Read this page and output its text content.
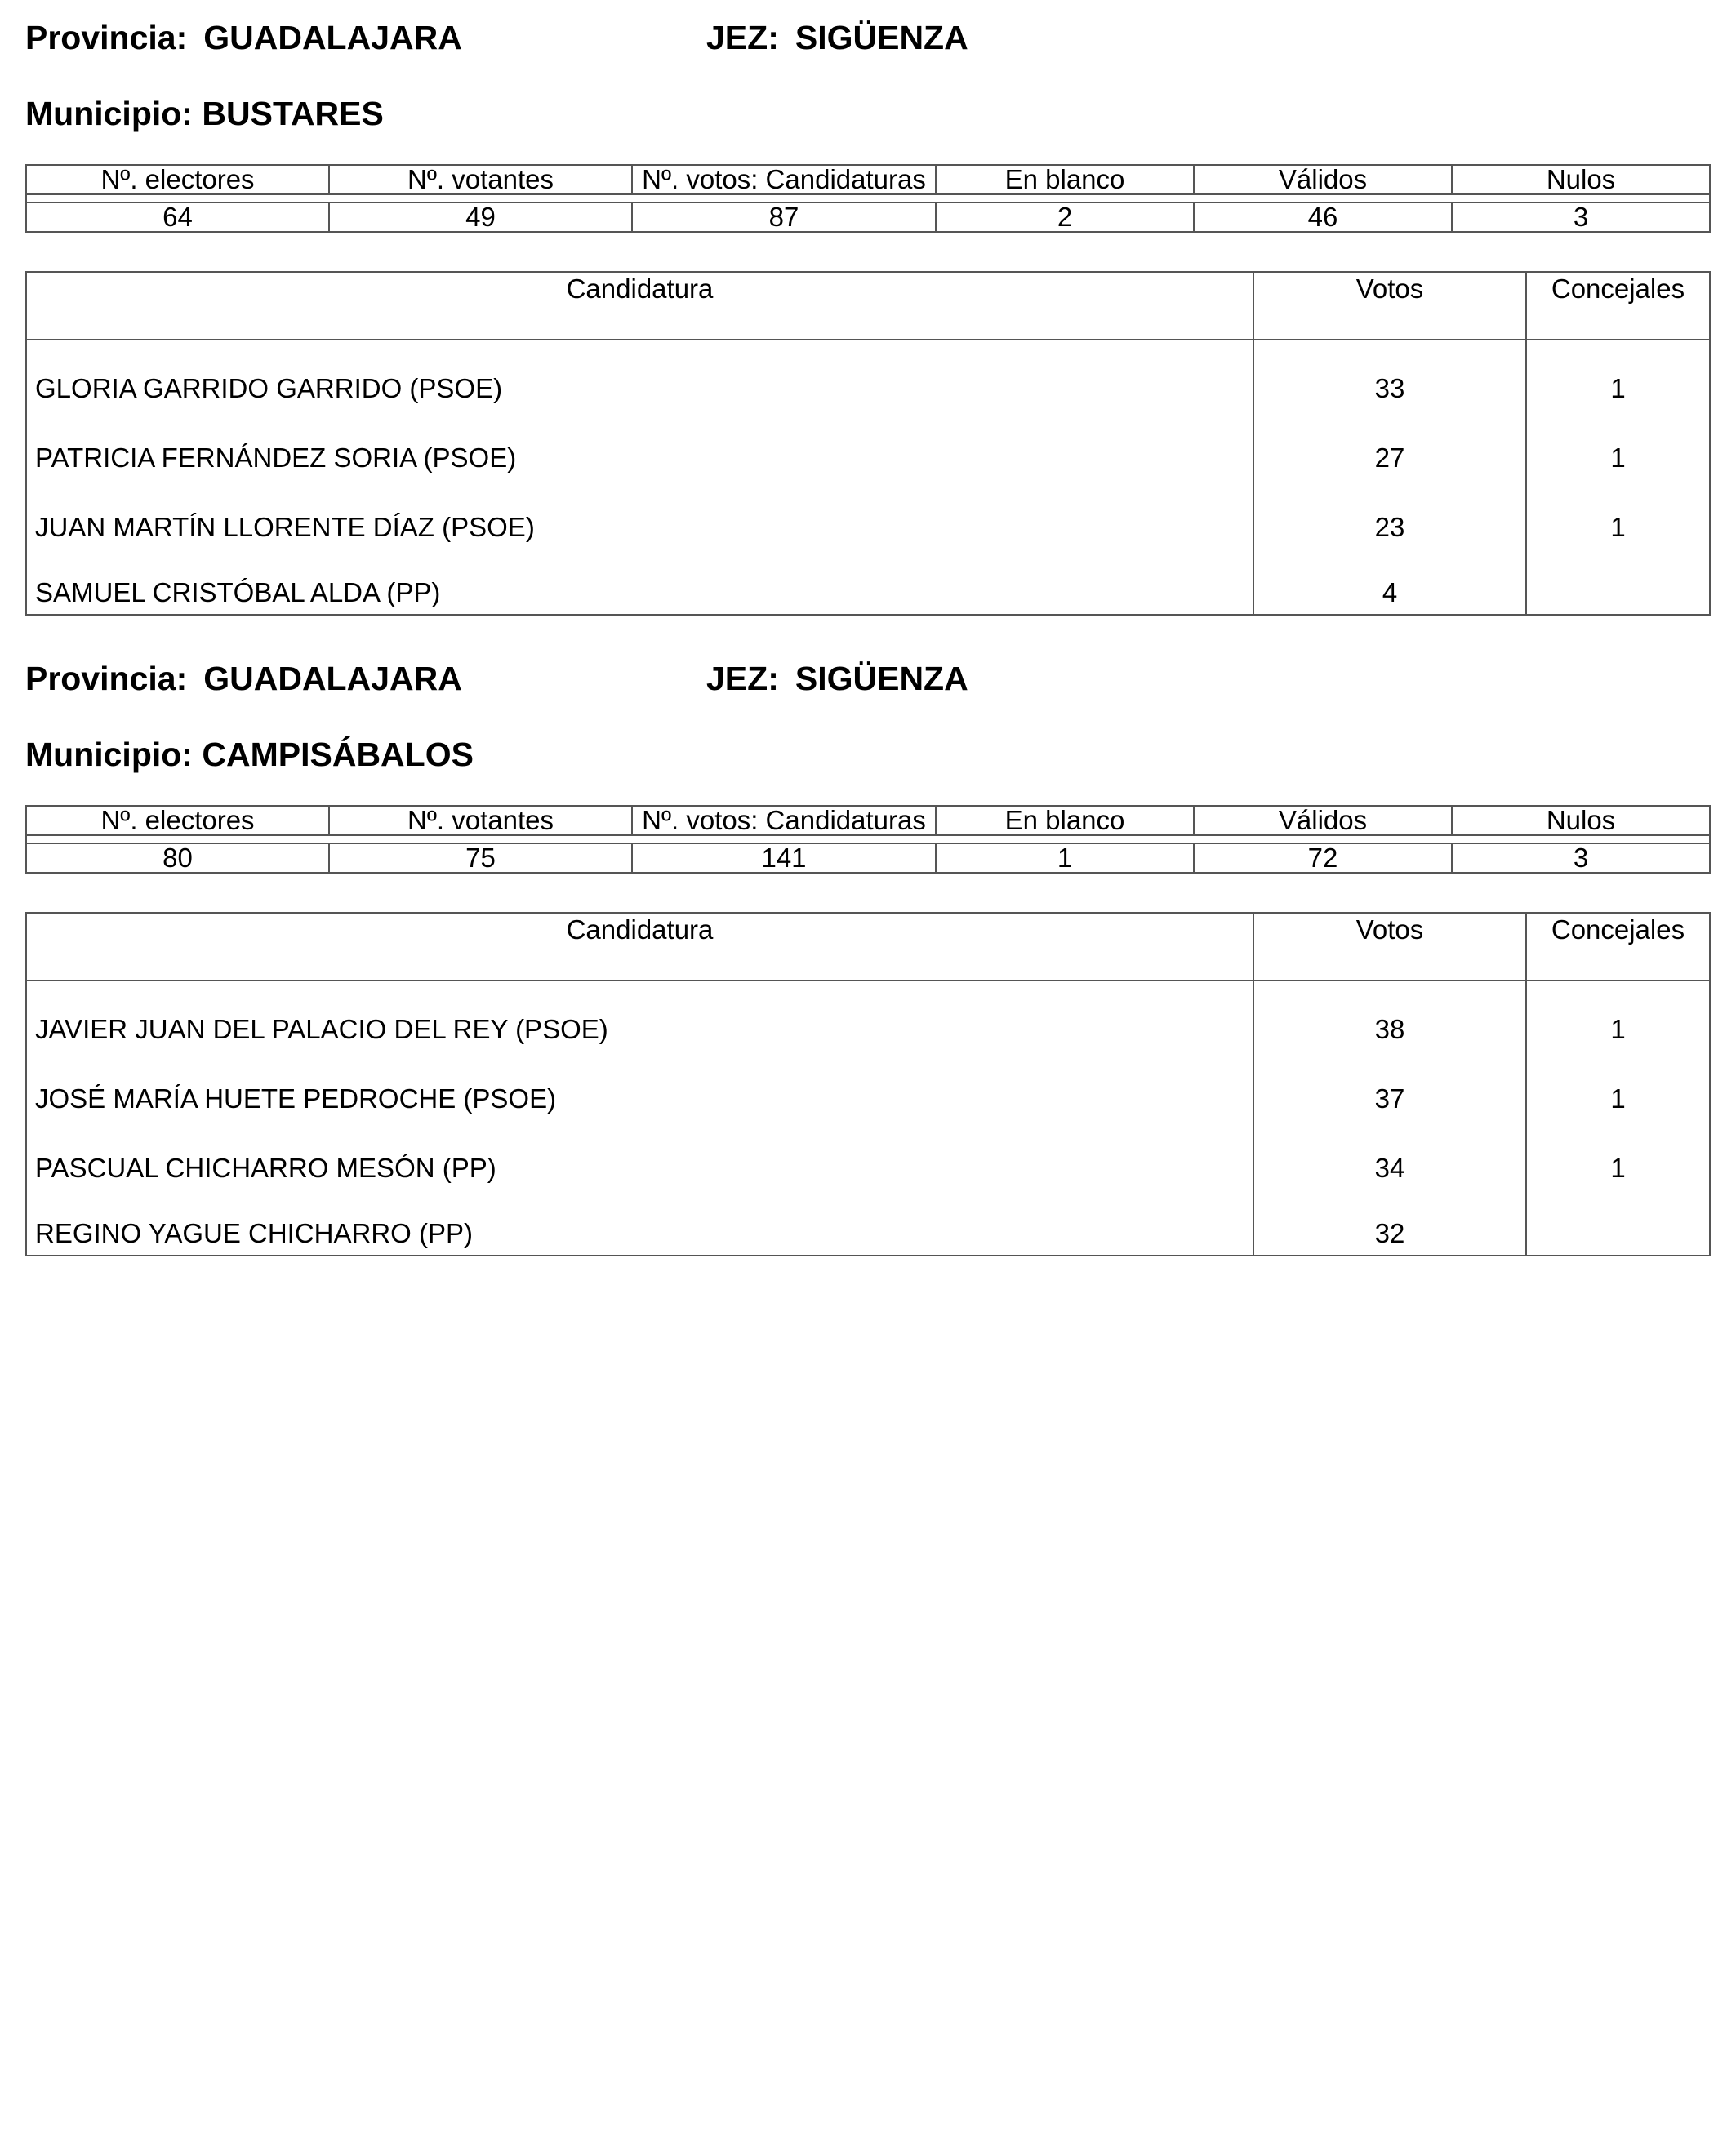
Provincia: GUADALAJARA	JEZ: SIGÜENZA
Municipio: BUSTARES
Nº. electores	Nº. votantes	Nº. votos: Candidaturas	En blanco	Válidos	Nulos

64	49	87	2	46	3
Candidatura	Votos	Concejales
GLORIA GARRIDO GARRIDO (PSOE)	33	1
PATRICIA FERNÁNDEZ SORIA (PSOE)	27	1
JUAN MARTÍN LLORENTE DÍAZ (PSOE)	23	1
SAMUEL CRISTÓBAL ALDA (PP)	4	
Provincia: GUADALAJARA	JEZ: SIGÜENZA
Municipio: CAMPISÁBALOS
Nº. electores	Nº. votantes	Nº. votos: Candidaturas	En blanco	Válidos	Nulos

80	75	141	1	72	3
Candidatura	Votos	Concejales
JAVIER JUAN DEL PALACIO DEL REY (PSOE)	38	1
JOSÉ MARÍA HUETE PEDROCHE (PSOE)	37	1
PASCUAL CHICHARRO MESÓN (PP)	34	1
REGINO YAGUE CHICHARRO (PP)	32	
